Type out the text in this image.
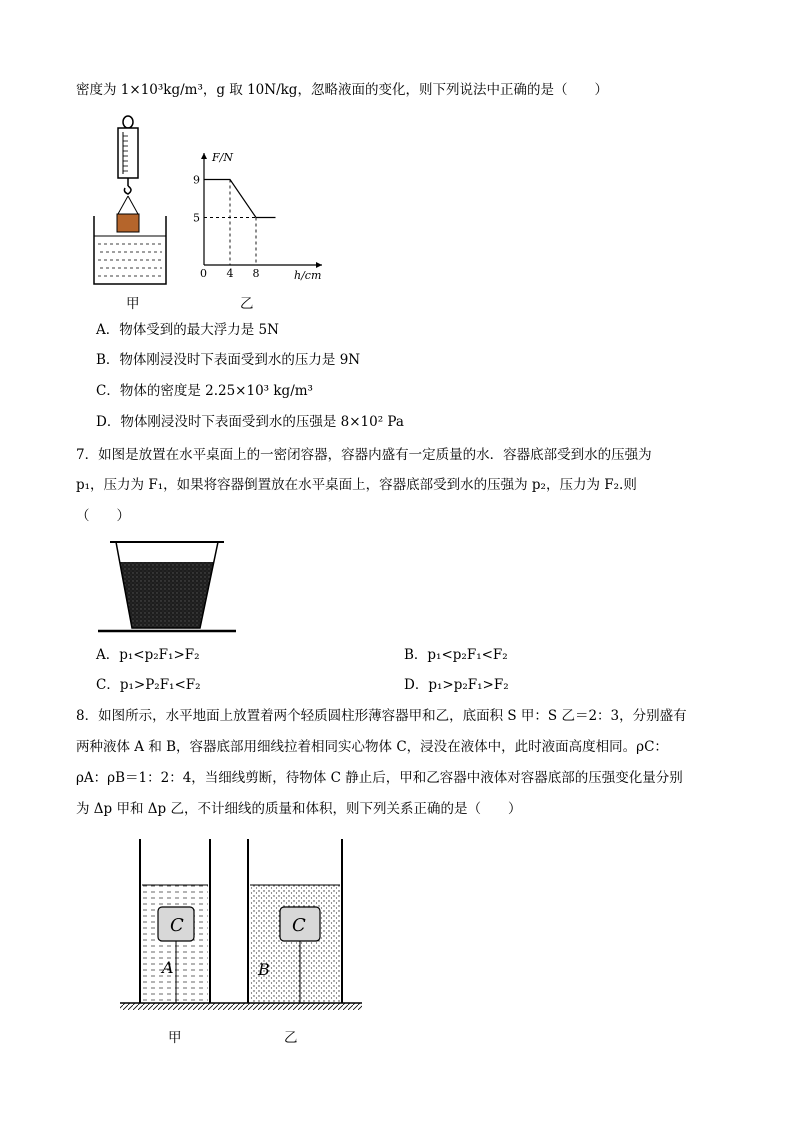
密度为 1×10³kg/m³，g 取 10N/kg，忽略液面的变化，则下列说法中正确的是（　　）
甲
F/N
h/cm
0
5
9
4 8
乙
A．物体受到的最大浮力是 5N
B．物体刚浸没时下表面受到水的压力是 9N
C．物体的密度是 2.25×10³ kg/m³
D．物体刚浸没时下表面受到水的压强是 8×10² Pa
7．如图是放置在水平桌面上的一密闭容器，容器内盛有一定质量的水．容器底部受到水的压强为
p₁，压力为 F₁，如果将容器倒置放在水平桌面上，容器底部受到水的压强为 p₂，压力为 F₂.则
（　　）
A．p₁<p₂F₁>F₂	B．p₁<p₂F₁<F₂
C．p₁>P₂F₁<F₂	D．p₁>p₂F₁>F₂
8．如图所示，水平地面上放置着两个轻质圆柱形薄容器甲和乙，底面积 S 甲：S 乙＝2：3，分别盛有
两种液体 A 和 B，容器底部用细线拉着相同实心物体 C，浸没在液体中，此时液面高度相同。ρC：
ρA：ρB＝1：2：4，当细线剪断，待物体 C 静止后，甲和乙容器中液体对容器底部的压强变化量分别
为 Δp 甲和 Δp 乙，不计细线的质量和体积，则下列关系正确的是（　　）
C	C
A	B
甲	乙
